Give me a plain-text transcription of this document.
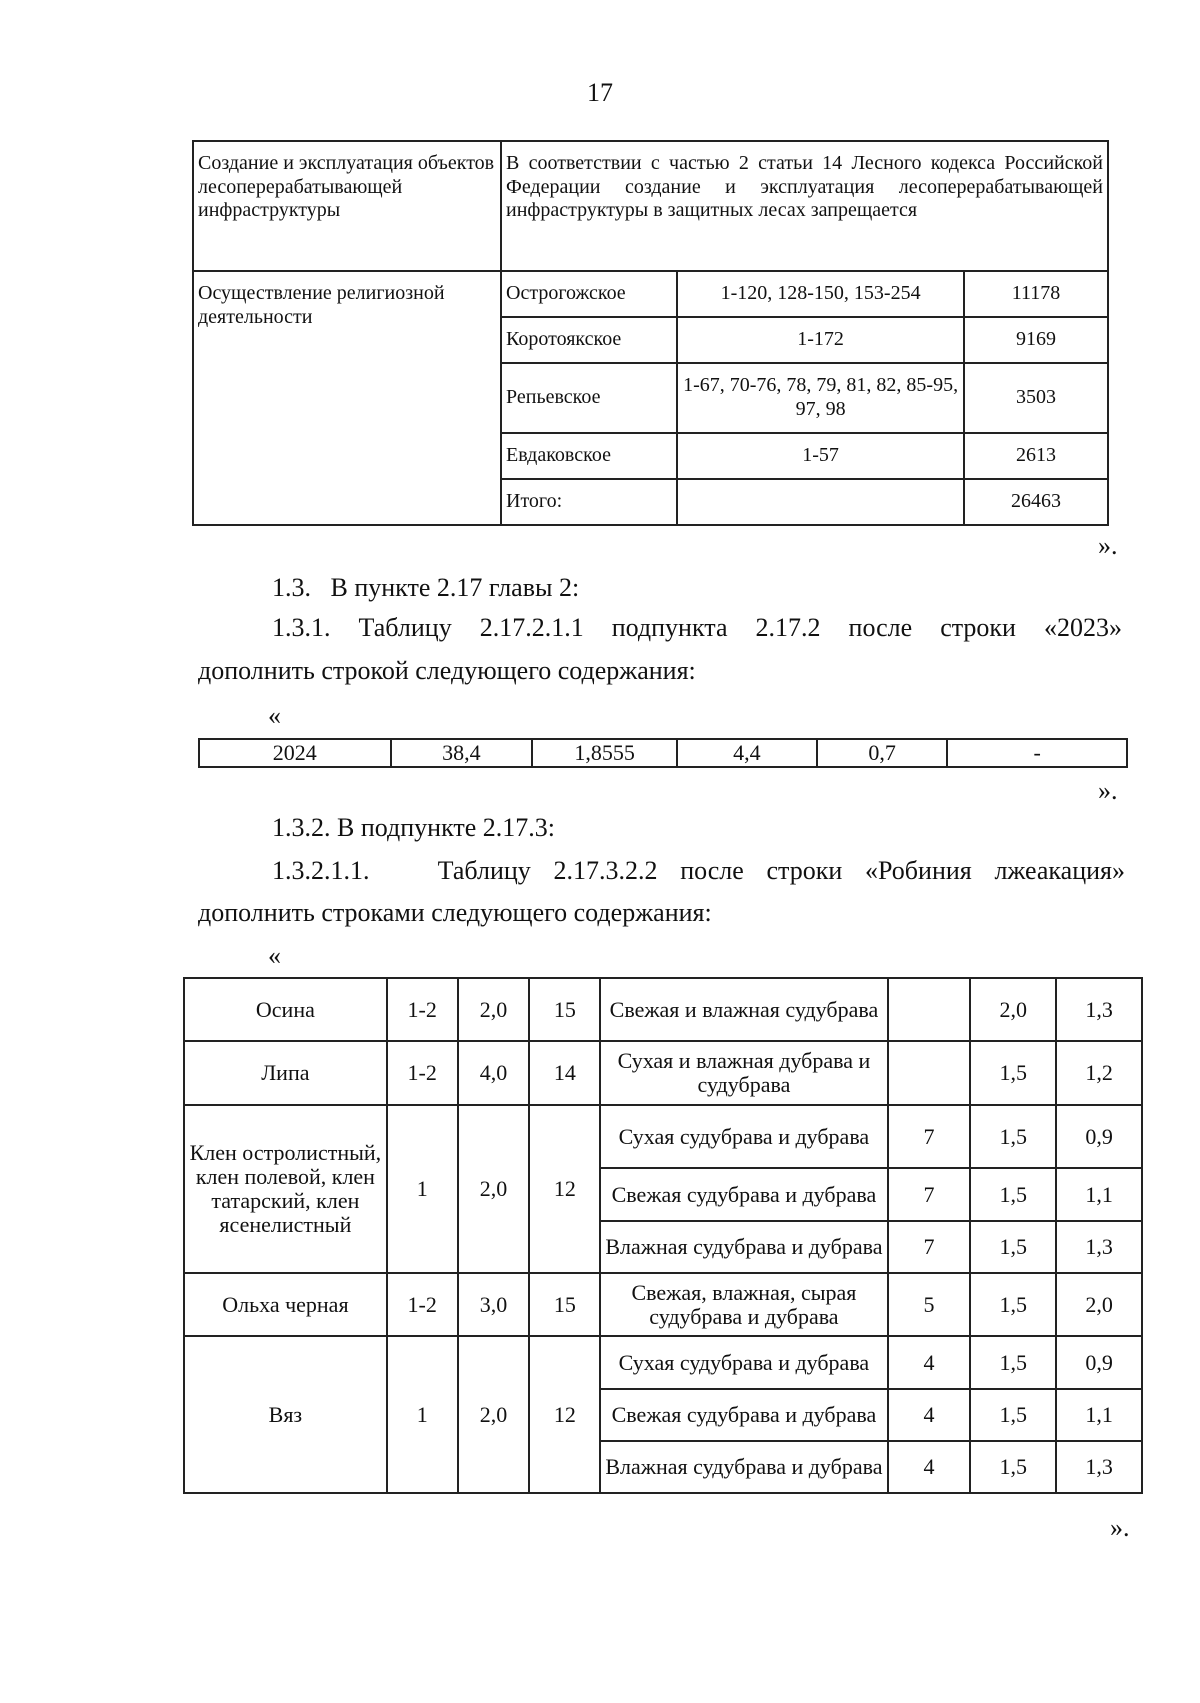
17
Создание и эксплуатация объектов лесоперерабатывающей инфраструктуры	В соответствии с частью 2 статьи 14 Лесного кодекса Российской Федерации создание и эксплуатация лесоперерабатывающей инфраструктуры в защитных лесах запрещается		

Осуществление религиозной деятельности	Острогожское	1-120, 128-150, 153-254	11178
	Коротоякское	1-172	9169
	Репьевское	1-67, 70-76, 78, 79, 81, 82, 85-95, 97, 98	3503
	Евдаковское	1-57	2613
	Итого:		26463
».
1.3.   В пункте 2.17 главы 2:
1.3.1. Таблицу 2.17.2.1.1 подпункта 2.17.2 после строки «2023»
дополнить строкой следующего содержания:
«
2024	38,4	1,8555	4,4	0,7	-
».
1.3.2. В подпункте 2.17.3:
1.3.2.1.1.   Таблицу 2.17.3.2.2 после строки «Робиния лжеакация»
дополнить строками следующего содержания:
«
Осина	1-2	2,0	15	Свежая и влажная судубрава		2,0	1,3
Липа	1-2	4,0	14	Сухая и влажная дубрава и судубрава		1,5	1,2
Клен остролистный, клен полевой, клен татарский, клен ясенелистный	1	2,0	12	Сухая судубрава и дубрава	7	1,5	0,9
				Свежая судубрава и дубрава	7	1,5	1,1
				Влажная судубрава и дубрава	7	1,5	1,3
Ольха черная	1-2	3,0	15	Свежая, влажная, сырая судубрава и дубрава	5	1,5	2,0
Вяз	1	2,0	12	Сухая судубрава и дубрава	4	1,5	0,9
				Свежая судубрава и дубрава	4	1,5	1,1
				Влажная судубрава и дубрава	4	1,5	1,3
».
